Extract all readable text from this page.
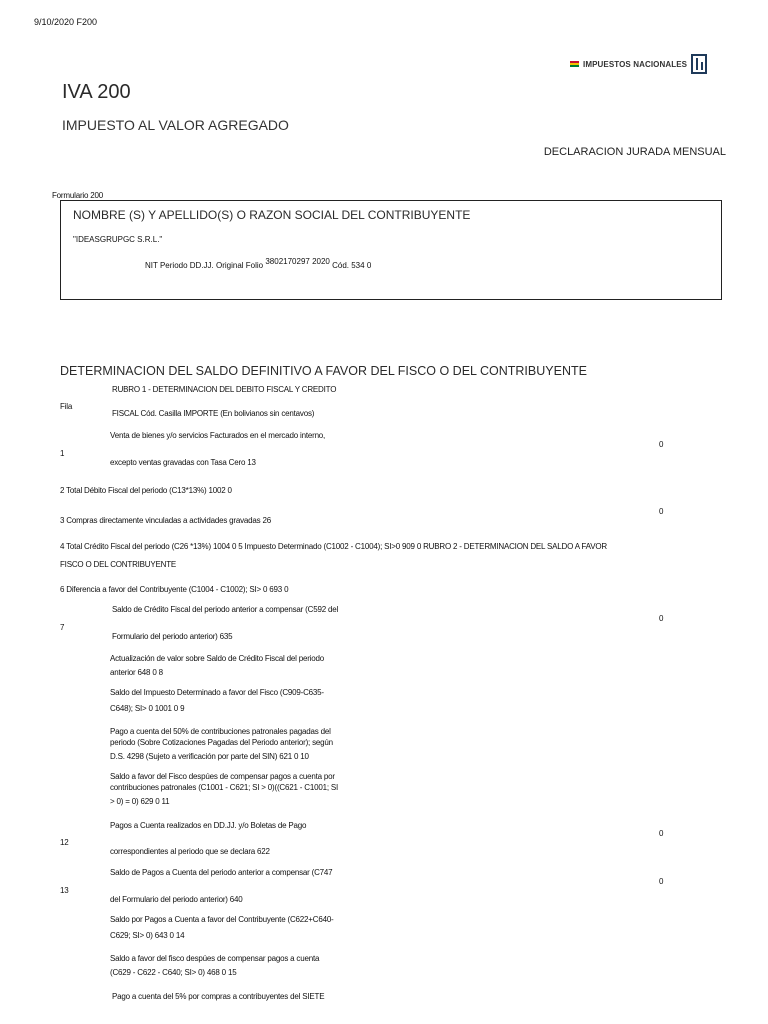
9/10/2020 F200
IMPUESTOS NACIONALES
IVA 200
IMPUESTO AL VALOR AGREGADO
DECLARACION JURADA MENSUAL
Formulario 200
NOMBRE (S) Y APELLIDO(S) O RAZON SOCIAL DEL CONTRIBUYENTE
"IDEASGRUPGC S.R.L."
NIT Periodo DD.JJ. Original Folio 3802170297 2020 Cód. 534 0
DETERMINACION DEL SALDO DEFINITIVO A FAVOR DEL FISCO O DEL CONTRIBUYENTE
RUBRO 1 - DETERMINACION DEL DEBITO FISCAL Y CREDITO
Fila
FISCAL Cód. Casilla IMPORTE (En bolivianos sin centavos)
Venta de bienes y/o servicios Facturados en el mercado interno,
0
1
excepto ventas gravadas con Tasa Cero 13
2 Total Débito Fiscal del periodo (C13*13%) 1002 0
0
3 Compras directamente vinculadas a actividades gravadas 26
4 Total Crédito Fiscal del periodo (C26 *13%) 1004 0 5 Impuesto Determinado (C1002 - C1004); SI>0 909 0 RUBRO 2 - DETERMINACION DEL SALDO A FAVOR
FISCO O DEL CONTRIBUYENTE
6 Diferencia a favor del Contribuyente (C1004 - C1002); SI> 0 693 0
Saldo de Crédito Fiscal del periodo anterior a compensar (C592 del
0
7
Formulario del periodo anterior) 635
Actualización de valor sobre Saldo de Crédito Fiscal del periodo
anterior 648 0 8
Saldo del Impuesto Determinado a favor del Fisco (C909-C635-
C648); SI> 0 1001 0 9
Pago a cuenta del 50% de contribuciones patronales pagadas del
periodo (Sobre Cotizaciones Pagadas del Periodo anterior); según
D.S. 4298 (Sujeto a verificación por parte del SIN) 621 0 10
Saldo a favor del Fisco despúes de compensar pagos a cuenta por
contribuciones patronales (C1001 - C621; SI > 0)((C621 - C1001; SI
> 0) = 0) 629 0 11
Pagos a Cuenta realizados en DD.JJ. y/o Boletas de Pago
0
12
correspondientes al periodo que se declara 622
Saldo de Pagos a Cuenta del periodo anterior a compensar (C747
0
13
del Formulario del periodo anterior) 640
Saldo por Pagos a Cuenta a favor del Contribuyente (C622+C640-
C629; SI> 0) 643 0 14
Saldo a favor del fisco despúes de compensar pagos a cuenta
(C629 - C622 - C640; SI> 0) 468 0 15
Pago a cuenta del 5% por compras a contribuyentes del SIETE
